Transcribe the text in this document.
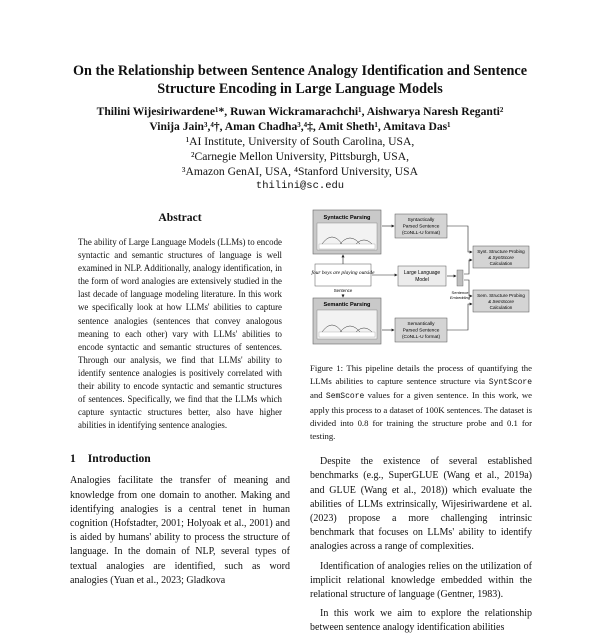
On the Relationship between Sentence Analogy Identification and Sentence
Structure Encoding in Large Language Models
Thilini Wijesiriwardene¹*, Ruwan Wickramarachchi¹, Aishwarya Naresh Reganti²
Vinija Jain³,⁴†, Aman Chadha³,⁴‡, Amit Sheth¹, Amitava Das¹
¹AI Institute, University of South Carolina, USA,
²Carnegie Mellon University, Pittsburgh, USA,
³Amazon GenAI, USA, ⁴Stanford University, USA
thilini@sc.edu
Abstract

The ability of Large Language Models (LLMs) to encode syntactic and semantic structures of language is well examined in NLP. Additionally, analogy identification, in the form of word analogies are extensively studied in the last decade of language modeling literature. In this work we specifically look at how LLMs' abilities to capture sentence analogies (sentences that convey analogous meaning to each other) vary with LLMs' abilities to encode syntactic and semantic structures of sentences. Through our analysis, we find that LLMs' ability to identify sentence analogies is positively correlated with their ability to encode syntactic and semantic structures of sentences. Specifically, we find that the LLMs which capture syntactic structures better, also have higher abilities in identifying sentence analogies.

1 Introduction

Analogies facilitate the transfer of meaning and knowledge from one domain to another. Making and identifying analogies is a central tenet in human cognition (Hofstadter, 2001; Holyoak et al., 2001) and is aided by humans' ability to process the structure of language. In the domain of NLP, several types of textual analogies are identified, such as word analogies (Yuan et al., 2023; Gladkova

Syntactic Parsing
Semantic Parsing
Syntactically
Parsed Sentence
(CoNLL-U format)
Semantically
Parsed Sentence
(CoNLL-U format)
four boys are playing outside
Sentence
Large Language
Model
Sentence
Embedding
Synt. Structure Probing
& SyntScore
Calculation
Sem. Structure Probing
& SemScore
Calculation

Figure 1: This pipeline details the process of quantifying the LLMs abilities to capture sentence structure via SyntScore and SemScore values for a given sentence. In this work, we apply this process to a dataset of 100K sentences. The dataset is divided into 0.8 for training the structure probe and 0.1 for testing.

Despite the existence of several established benchmarks (e.g., SuperGLUE (Wang et al., 2019a) and GLUE (Wang et al., 2018)) which evaluate the abilities of LLMs extrinsically, Wijesiriwardene et al. (2023) propose a more challenging intrinsic benchmark that focuses on LLMs' ability to identify analogies across a range of complexities.

Identification of analogies relies on the utilization of implicit relational knowledge embedded within the relational structure of language (Gentner, 1983).

In this work we aim to explore the relationship between sentence analogy identification abilities
